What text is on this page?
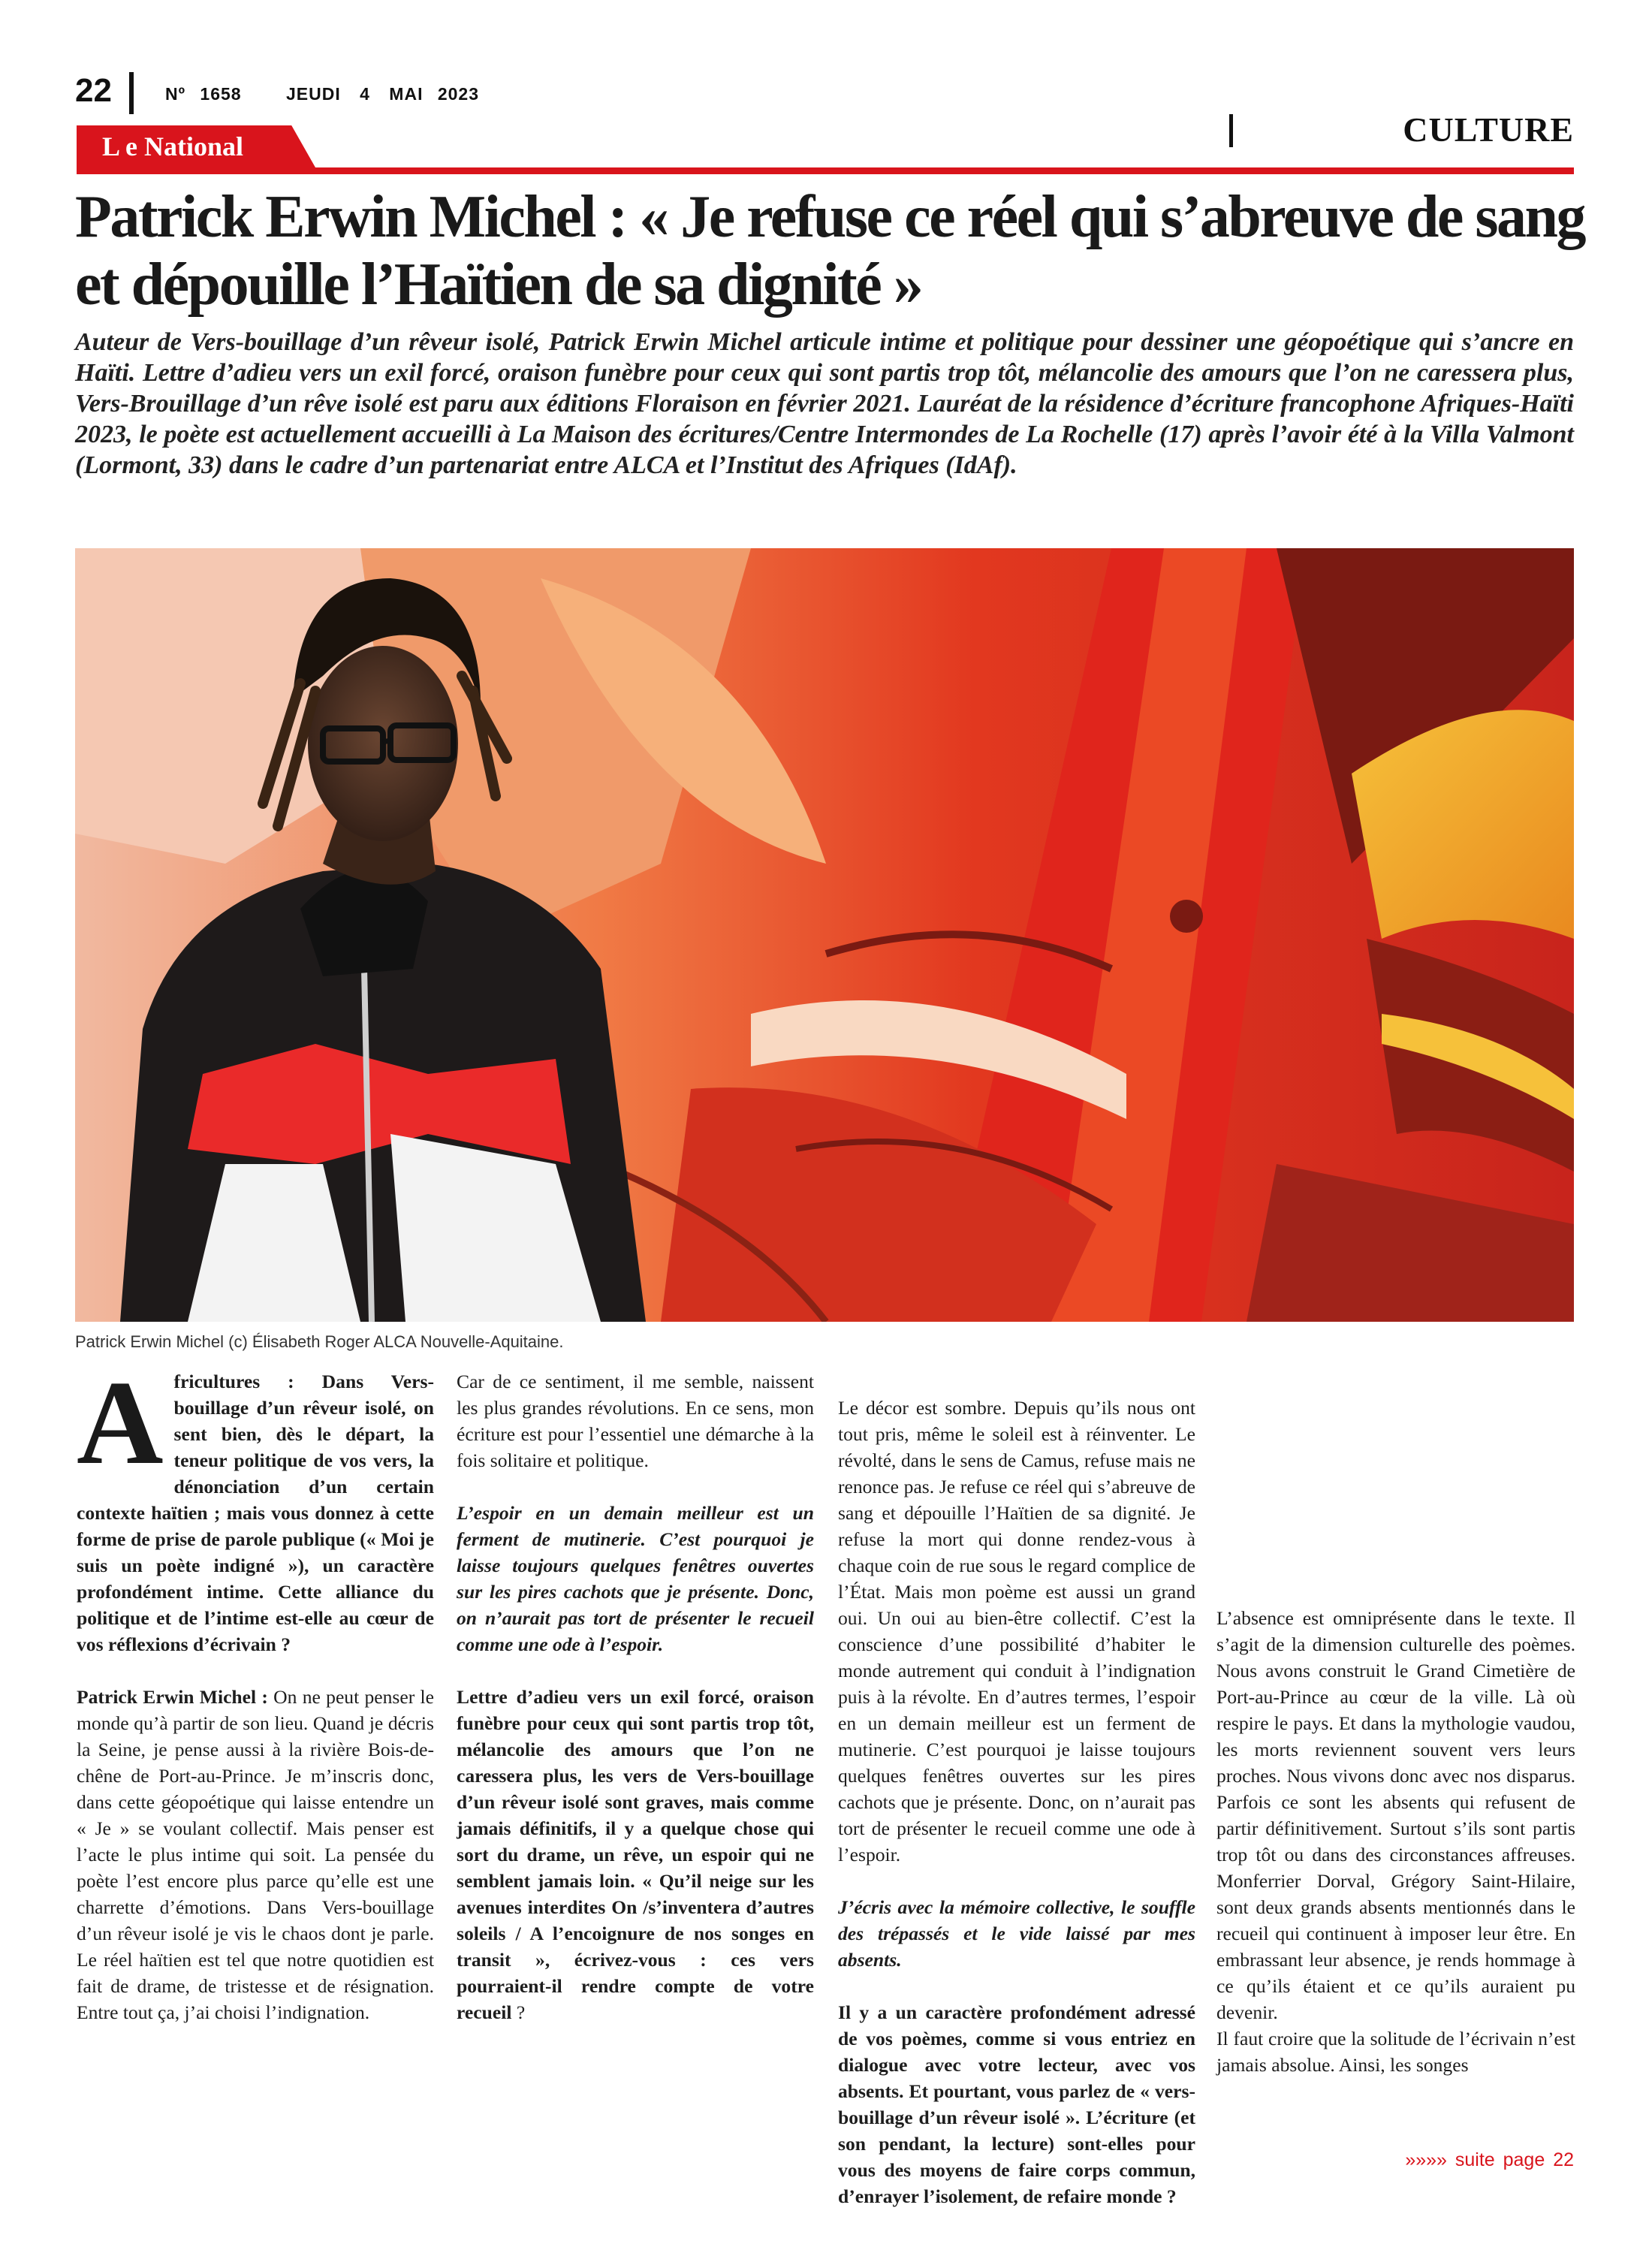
22	Nº 1658	JEUDI 4 MAI 2023
CULTURE
L e National
Patrick Erwin Michel : « Je refuse ce réel qui s’abreuve de sang et dépouille l’Haïtien de sa dignité »

Auteur de Vers-bouillage d’un rêveur isolé, Patrick Erwin Michel articule intime et politique pour dessiner une géopoétique qui s’ancre en Haïti. Lettre d’adieu vers un exil forcé, oraison funèbre pour ceux qui sont partis trop tôt, mélancolie des amours que l’on ne caressera plus, Vers-Brouillage d’un rêve isolé est paru aux éditions Floraison en février 2021. Lauréat de la résidence d’écriture francophone Afriques-Haïti 2023, le poète est actuellement accueilli à La Maison des écritures/Centre Intermondes de La Rochelle (17) après l’avoir été à la Villa Valmont (Lormont, 33) dans le cadre d’un partenariat entre ALCA et l’Institut des Afriques (IdAf).

Patrick Erwin Michel (c) Élisabeth Roger ALCA Nouvelle-Aquitaine.

Africultures : Dans Vers-bouillage d’un rêveur isolé, on sent bien, dès le départ, la teneur politique de vos vers, la dénonciation d’un certain contexte haïtien ; mais vous donnez à cette forme de prise de parole publique (« Moi je suis un poète indigné »), un caractère profondément intime. Cette alliance du politique et de l’intime est-elle au cœur de vos réflexions d’écrivain ?

Patrick Erwin Michel : On ne peut penser le monde qu’à partir de son lieu. Quand je décris la Seine, je pense aussi à la rivière Bois-de-chêne de Port-au-Prince. Je m’inscris donc, dans cette géopoétique qui laisse entendre un « Je » se voulant collectif. Mais penser est l’acte le plus intime qui soit. La pensée du poète l’est encore plus parce qu’elle est une charrette d’émotions. Dans Vers-bouillage d’un rêveur isolé je vis le chaos dont je parle. Le réel haïtien est tel que notre quotidien est fait de drame, de tristesse et de résignation. Entre tout ça, j’ai choisi l’indignation.

Car de ce sentiment, il me semble, naissent les plus grandes révolutions. En ce sens, mon écriture est pour l’essentiel une démarche à la fois solitaire et politique.

L’espoir en un demain meilleur est un ferment de mutinerie. C’est pourquoi je laisse toujours quelques fenêtres ouvertes sur les pires cachots que je présente. Donc, on n’aurait pas tort de présenter le recueil comme une ode à l’espoir.

Lettre d’adieu vers un exil forcé, oraison funèbre pour ceux qui sont partis trop tôt, mélancolie des amours que l’on ne caressera plus, les vers de Vers-bouillage d’un rêveur isolé sont graves, mais comme jamais définitifs, il y a quelque chose qui sort du drame, un rêve, un espoir qui ne semblent jamais loin. « Qu’il neige sur les avenues interdites On /s’inventera d’autres soleils / A l’encoignure de nos songes en transit », écrivez-vous : ces vers pourraient-il rendre compte de votre recueil ?

Le décor est sombre. Depuis qu’ils nous ont tout pris, même le soleil est à réinventer. Le révolté, dans le sens de Camus, refuse mais ne renonce pas. Je refuse ce réel qui s’abreuve de sang et dépouille l’Haïtien de sa dignité. Je refuse la mort qui donne rendez-vous à chaque coin de rue sous le regard complice de l’État. Mais mon poème est aussi un grand oui. Un oui au bien-être collectif. C’est la conscience d’une possibilité d’habiter le monde autrement qui conduit à l’indignation puis à la révolte. En d’autres termes, l’espoir en un demain meilleur est un ferment de mutinerie. C’est pourquoi je laisse toujours quelques fenêtres ouvertes sur les pires cachots que je présente. Donc, on n’aurait pas tort de présenter le recueil comme une ode à l’espoir.

J’écris avec la mémoire collective, le souffle des trépassés et le vide laissé par mes absents.

Il y a un caractère profondément adressé de vos poèmes, comme si vous entriez en dialogue avec votre lecteur, avec vos absents. Et pourtant, vous parlez de « vers-bouillage d’un rêveur isolé ». L’écriture (et son pendant, la lecture) sont-elles pour vous des moyens de faire corps commun, d’enrayer l’isolement, de refaire monde ?

L’absence est omniprésente dans le texte. Il s’agit de la dimension culturelle des poèmes. Nous avons construit le Grand Cimetière de Port-au-Prince au cœur de la ville. Là où respire le pays. Et dans la mythologie vaudou, les morts reviennent souvent vers leurs proches. Nous vivons donc avec nos disparus. Parfois ce sont les absents qui refusent de partir définitivement. Surtout s’ils sont partis trop tôt ou dans des circonstances affreuses. Monferrier Dorval, Grégory Saint-Hilaire, sont deux grands absents mentionnés dans le recueil qui continuent à imposer leur être. En embrassant leur absence, je rends hommage à ce qu’ils étaient et ce qu’ils auraient pu devenir.

Il faut croire que la solitude de l’écrivain n’est jamais absolue. Ainsi, les songes

»»»» suite page 22
